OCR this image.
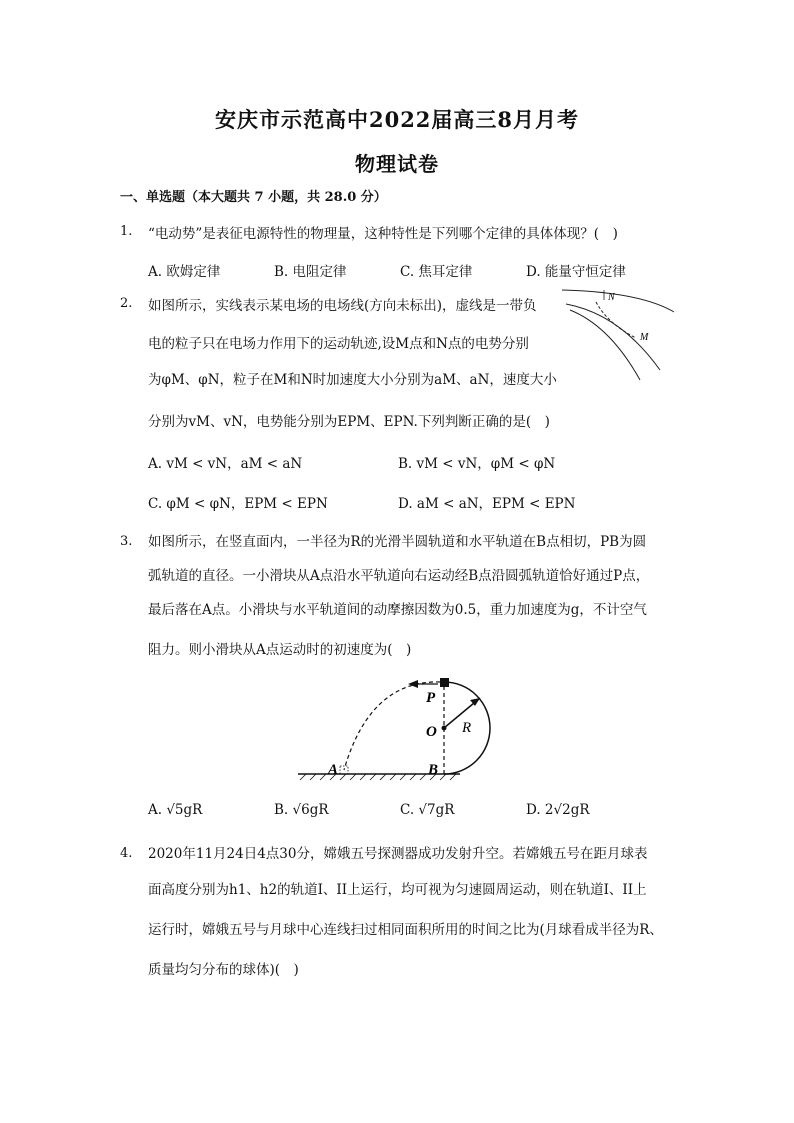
安庆市示范高中2022届高三8月月考
物理试卷
一、单选题（本大题共 7 小题，共 28.0 分）
1. “电动势”是表征电源特性的物理量，这种特性是下列哪个定律的具体体现？(　)
A. 欧姆定律	B. 电阻定律	C. 焦耳定律	D. 能量守恒定律
2. 如图所示，实线表示某电场的电场线(方向未标出)，虚线是一带负
电的粒子只在电场力作用下的运动轨迹,设M点和N点的电势分别
为φM、φN，粒子在M和N时加速度大小分别为aM、aN，速度大小
分别为vM、vN，电势能分别为EPM、EPN.下列判断正确的是(　)
N
M
A. vM < vN，aM < aN	B. vM < vN，φM < φN
C. φM < φN，EPM < EPN	D. aM < aN，EPM < EPN
3. 如图所示，在竖直面内，一半径为R的光滑半圆轨道和水平轨道在B点相切，PB为圆
弧轨道的直径。一小滑块从A点沿水平轨道向右运动经B点沿圆弧轨道恰好通过P点，
最后落在A点。小滑块与水平轨道间的动摩擦因数为0.5，重力加速度为g，不计空气
阻力。则小滑块从A点运动时的初速度为(　)
P
O R
A	B
A. √5gR	B. √6gR	C. √7gR	D. 2√2gR
4. 2020年11月24日4点30分，嫦娥五号探测器成功发射升空。若嫦娥五号在距月球表
面高度分别为h1、h2的轨道I、II上运行，均可视为匀速圆周运动，则在轨道I、II上
运行时，嫦娥五号与月球中心连线扫过相同面积所用的时间之比为(月球看成半径为R、
质量均匀分布的球体)(　)
